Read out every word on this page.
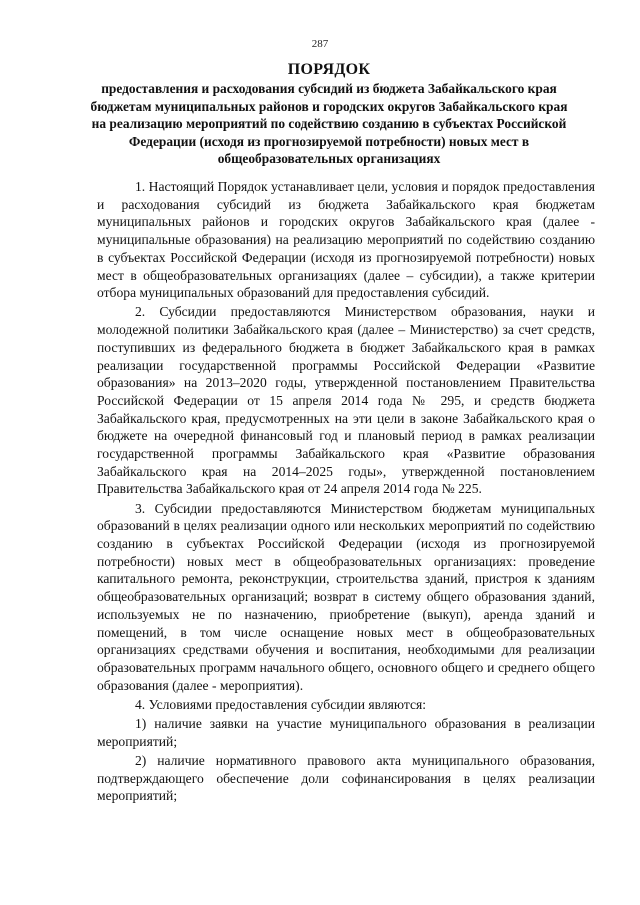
287
ПОРЯДОК
предоставления и расходования субсидий из бюджета Забайкальского края бюджетам муниципальных районов и городских округов Забайкальского края на реализацию мероприятий по содействию созданию в субъектах Российской Федерации (исходя из прогнозируемой потребности) новых мест в общеобразовательных организациях

1. Настоящий Порядок устанавливает цели, условия и порядок предоставления и расходования субсидий из бюджета Забайкальского края бюджетам муниципальных районов и городских округов Забайкальского края (далее - муниципальные образования) на реализацию мероприятий по содействию созданию в субъектах Российской Федерации (исходя из прогнозируемой потребности) новых мест в общеобразовательных организациях (далее – субсидии), а также критерии отбора муниципальных образований для предоставления субсидий.

2. Субсидии предоставляются Министерством образования, науки и молодежной политики Забайкальского края (далее – Министерство) за счет средств, поступивших из федерального бюджета в бюджет Забайкальского края в рамках реализации государственной программы Российской Федерации «Развитие образования» на 2013–2020 годы, утвержденной постановлением Правительства Российской Федерации от 15 апреля 2014 года № 295, и средств бюджета Забайкальского края, предусмотренных на эти цели в законе Забайкальского края о бюджете на очередной финансовый год и плановый период в рамках реализации государственной программы Забайкальского края «Развитие образования Забайкальского края на 2014–2025 годы», утвержденной постановлением Правительства Забайкальского края от 24 апреля 2014 года № 225.

3. Субсидии предоставляются Министерством бюджетам муниципальных образований в целях реализации одного или нескольких мероприятий по содействию созданию в субъектах Российской Федерации (исходя из прогнозируемой потребности) новых мест в общеобразовательных организациях: проведение капитального ремонта, реконструкции, строительства зданий, пристроя к зданиям общеобразовательных организаций; возврат в систему общего образования зданий, используемых не по назначению, приобретение (выкуп), аренда зданий и помещений, в том числе оснащение новых мест в общеобразовательных организациях средствами обучения и воспитания, необходимыми для реализации образовательных программ начального общего, основного общего и среднего общего образования (далее - мероприятия).

4. Условиями предоставления субсидии являются:

1) наличие заявки на участие муниципального образования в реализации мероприятий;

2) наличие нормативного правового акта муниципального образования, подтверждающего обеспечение доли софинансирования в целях реализации мероприятий;
